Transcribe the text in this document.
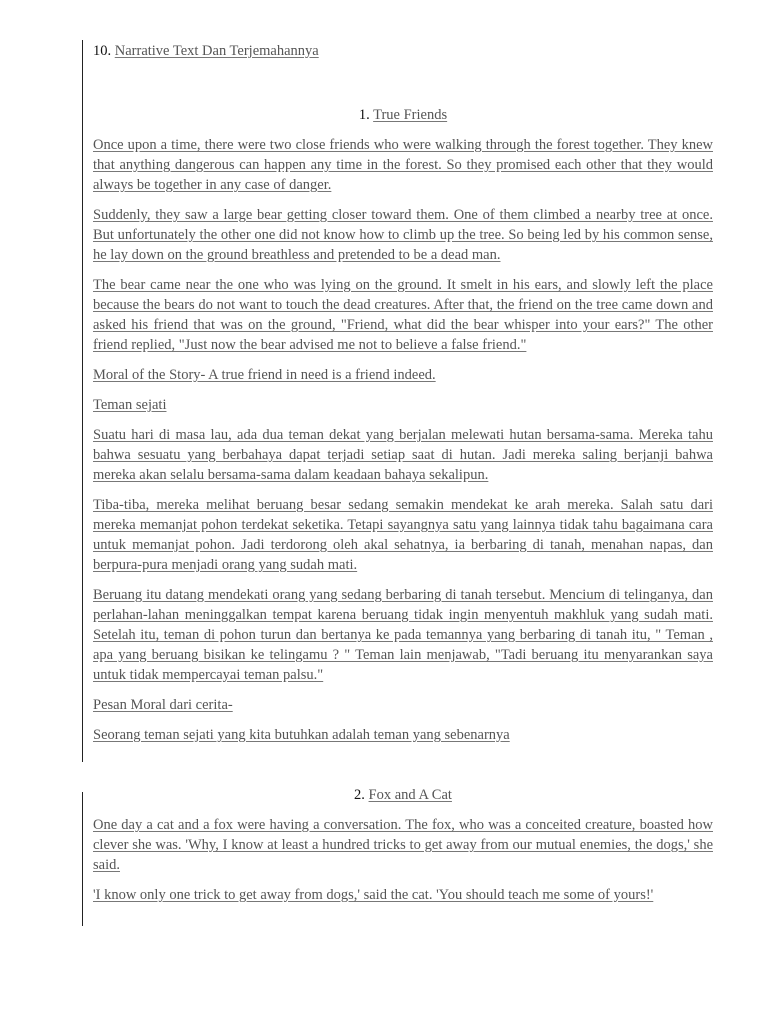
10. Narrative Text Dan Terjemahannya

1. True Friends

Once upon a time, there were two close friends who were walking through the forest together. They knew that anything dangerous can happen any time in the forest. So they promised each other that they would always be together in any case of danger.

Suddenly, they saw a large bear getting closer toward them. One of them climbed a nearby tree at once. But unfortunately the other one did not know how to climb up the tree. So being led by his common sense, he lay down on the ground breathless and pretended to be a dead man.

The bear came near the one who was lying on the ground. It smelt in his ears, and slowly left the place because the bears do not want to touch the dead creatures. After that, the friend on the tree came down and asked his friend that was on the ground, "Friend, what did the bear whisper into your ears?" The other friend replied, "Just now the bear advised me not to believe a false friend."

Moral of the Story- A true friend in need is a friend indeed.

Teman sejati

Suatu hari di masa lau, ada dua teman dekat yang berjalan melewati hutan bersama-sama. Mereka tahu bahwa sesuatu yang berbahaya dapat terjadi setiap saat di hutan. Jadi mereka saling berjanji bahwa mereka akan selalu bersama-sama dalam keadaan bahaya sekalipun.

Tiba-tiba, mereka melihat beruang besar sedang semakin mendekat ke arah mereka. Salah satu dari mereka memanjat pohon terdekat seketika. Tetapi sayangnya satu yang lainnya tidak tahu bagaimana cara untuk memanjat pohon. Jadi terdorong oleh akal sehatnya, ia berbaring di tanah, menahan napas, dan berpura-pura menjadi orang yang sudah mati.

Beruang itu datang mendekati orang yang sedang berbaring di tanah tersebut. Mencium di telinganya, dan perlahan-lahan meninggalkan tempat karena beruang tidak ingin menyentuh makhluk yang sudah mati. Setelah itu, teman di pohon turun dan bertanya ke pada temannya yang berbaring di tanah itu, " Teman , apa yang beruang bisikan ke telingamu ? " Teman lain menjawab, "Tadi beruang itu menyarankan saya untuk tidak mempercayai teman palsu."

Pesan Moral dari cerita-

Seorang teman sejati yang kita butuhkan adalah teman yang sebenarnya

2. Fox and A Cat

One day a cat and a fox were having a conversation. The fox, who was a conceited creature, boasted how clever she was. 'Why, I know at least a hundred tricks to get away from our mutual enemies, the dogs,' she said.

'I know only one trick to get away from dogs,' said the cat. 'You should teach me some of yours!'
